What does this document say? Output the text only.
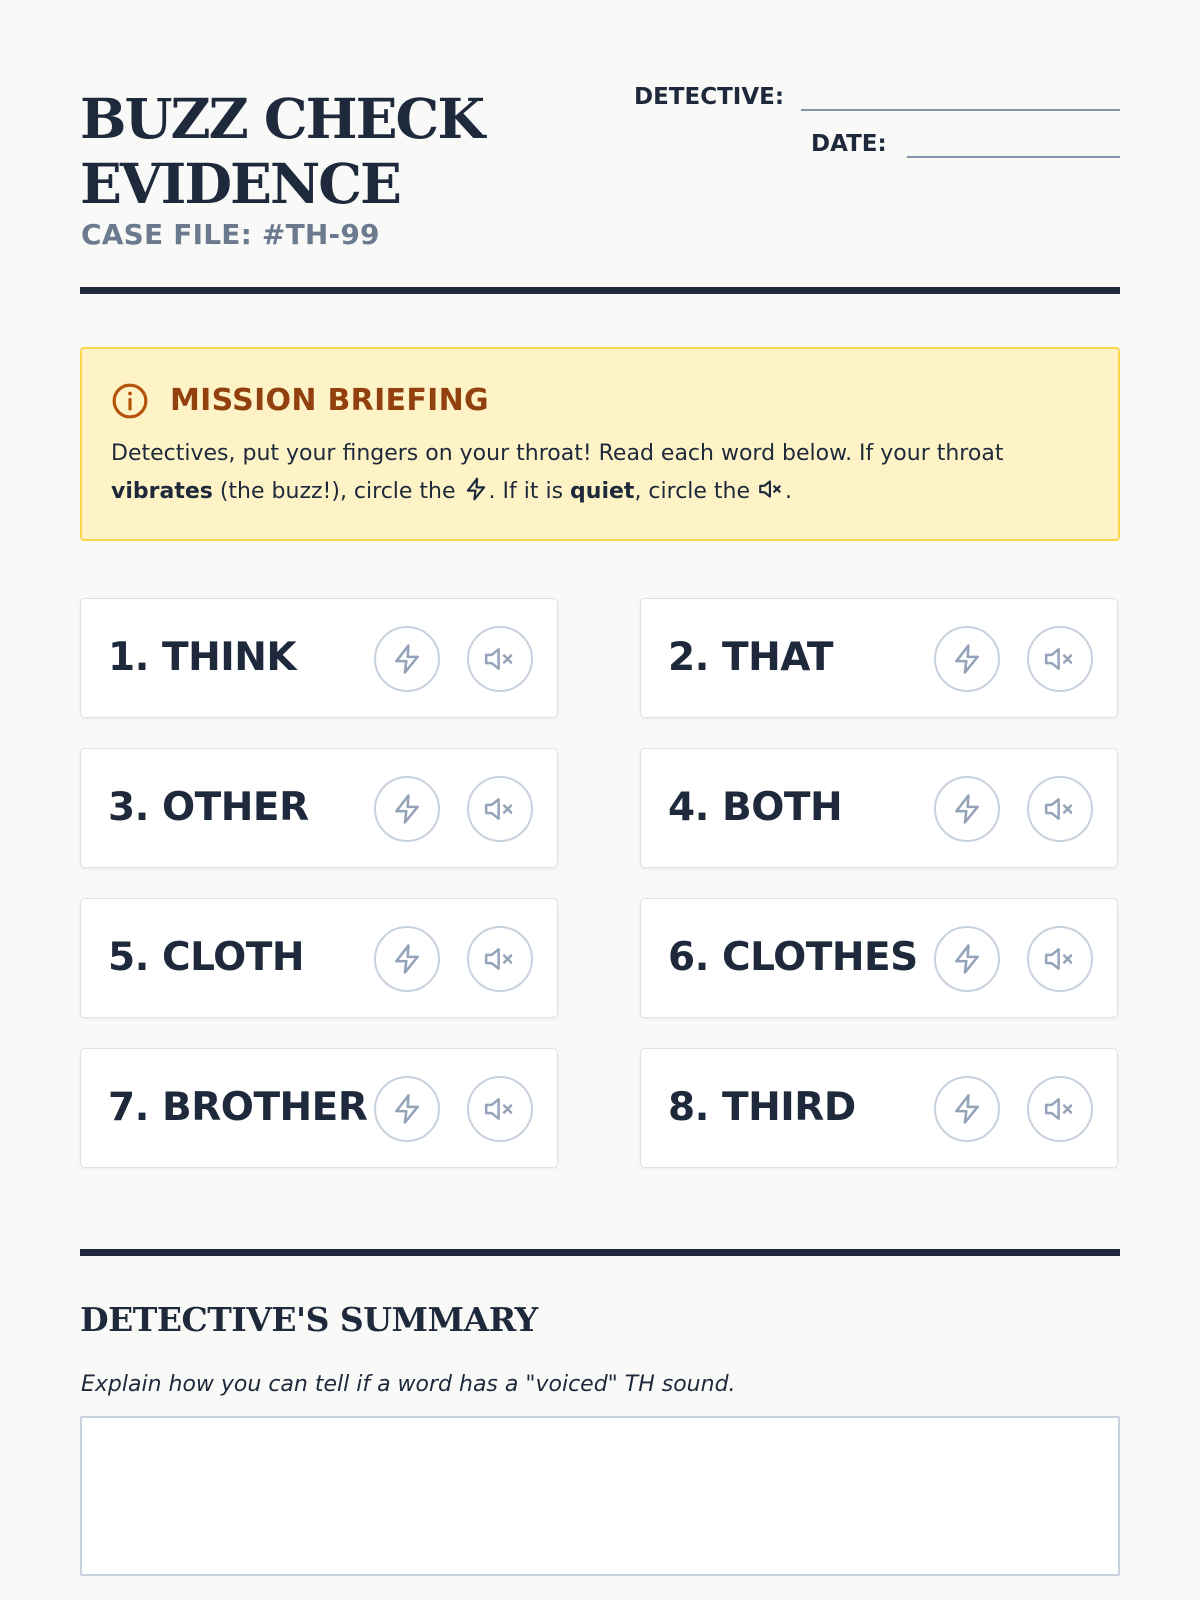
BUZZ CHECK EVIDENCE
CASE FILE: #TH-99
DETECTIVE:
DATE:
MISSION BRIEFING
Detectives, put your fingers on your throat! Read each word below. If your throat vibrates (the buzz!), circle the . If it is quiet, circle the .
1. THINK	2. THAT
3. OTHER	4. BOTH
5. CLOTH	6. CLOTHES
7. BROTHER	8. THIRD
DETECTIVE'S SUMMARY
Explain how you can tell if a word has a "voiced" TH sound.
